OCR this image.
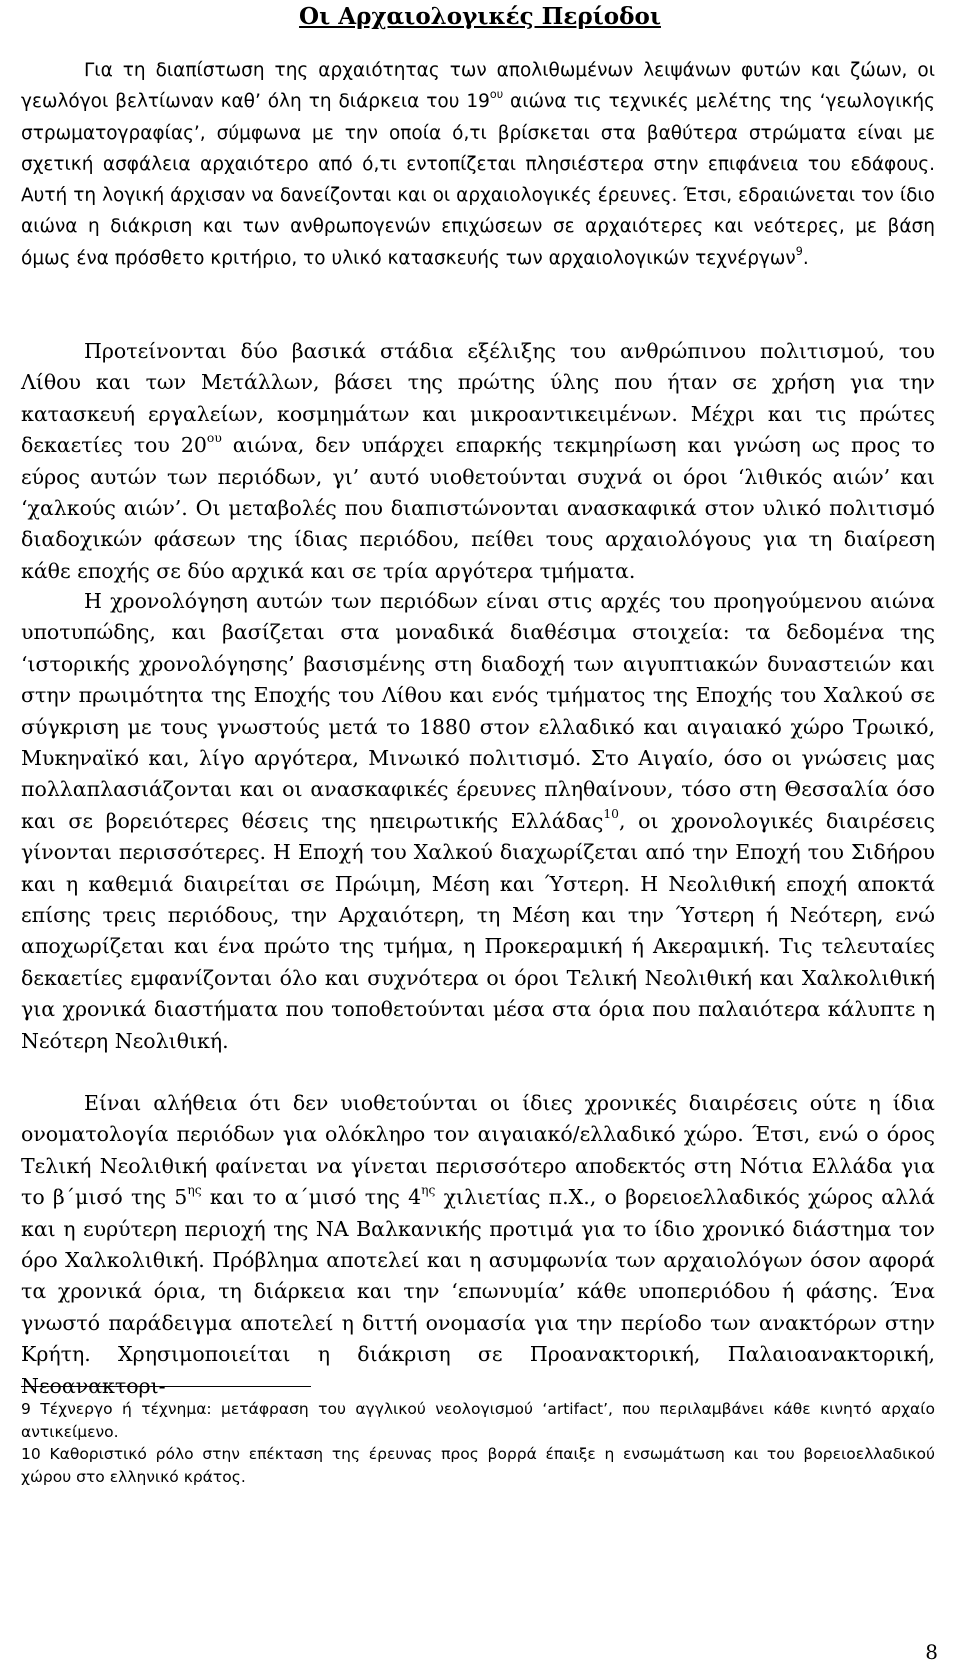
Οι Αρχαιολογικές Περίοδοι

Για τη διαπίστωση της αρχαιότητας των απολιθωμένων λειψάνων φυτών και ζώων, οι γεωλόγοι βελτίωναν καθ’ όλη τη διάρκεια του $19^{o\upsilon}$ αιώνα τις τεχνικές μελέτης της ‘γεωλογικής στρωματογραφίας’, σύμφωνα με την οποία ό,τι βρίσκεται στα βαθύτερα στρώματα είναι με σχετική ασφάλεια αρχαιότερο από ό,τι εντοπίζεται πλησιέστερα στην επιφάνεια του εδάφους. Αυτή τη λογική άρχισαν να δανείζονται και οι αρχαιολογικές έρευνες. Έτσι, εδραιώνεται τον ίδιο αιώνα η διάκριση και των ανθρωπογενών επιχώσεων σε αρχαιότερες και νεότερες, με βάση όμως ένα πρόσθετο κριτήριο, το υλικό κατασκευής των αρχαιολογικών τεχνέργων$^9$.

Προτείνονται δύο βασικά στάδια εξέλιξης του ανθρώπινου πολιτισμού, του Λίθου και των Μετάλλων, βάσει της πρώτης ύλης που ήταν σε χρήση για την κατασκευή εργαλείων, κοσμημάτων και μικροαντικειμένων. Μέχρι και τις πρώτες δεκαετίες του $20^{o\upsilon}$ αιώνα, δεν υπάρχει επαρκής τεκμηρίωση και γνώση ως προς το εύρος αυτών των περιόδων, γι’ αυτό υιοθετούνται συχνά οι όροι ‘λιθικός αιών’ και ‘χαλκούς αιών’. Οι μεταβολές που διαπιστώνονται ανασκαφικά στον υλικό πολιτισμό διαδοχικών φάσεων της ίδιας περιόδου, πείθει τους αρχαιολόγους για τη διαίρεση κάθε εποχής σε δύο αρχικά και σε τρία αργότερα τμήματα.

Η χρονολόγηση αυτών των περιόδων είναι στις αρχές του προηγούμενου αιώνα υποτυπώδης, και βασίζεται στα μοναδικά διαθέσιμα στοιχεία: τα δεδομένα της ‘ιστορικής χρονολόγησης’ βασισμένης στη διαδοχή των αιγυπτιακών δυναστειών και στην πρωιμότητα της Εποχής του Λίθου και ενός τμήματος της Εποχής του Χαλκού σε σύγκριση με τους γνωστούς μετά το 1880 στον ελλαδικό και αιγαιακό χώρο Τρωικό, Μυκηναϊκό και, λίγο αργότερα, Μινωικό πολιτισμό. Στο Αιγαίο, όσο οι γνώσεις μας πολλαπλασιάζονται και οι ανασκαφικές έρευνες πληθαίνουν, τόσο στη Θεσσαλία όσο και σε βορειότερες θέσεις της ηπειρωτικής Ελλάδας$^{10}$, οι χρονολογικές διαιρέσεις γίνονται περισσότερες. Η Εποχή του Χαλκού διαχωρίζεται από την Εποχή του Σιδήρου και η καθεμιά διαιρείται σε Πρώιμη, Μέση και Ύστερη. Η Νεολιθική εποχή αποκτά επίσης τρεις περιόδους, την Αρχαιότερη, τη Μέση και την Ύστερη ή Νεότερη, ενώ αποχωρίζεται και ένα πρώτο της τμήμα, η Προκεραμική ή Ακεραμική. Τις τελευταίες δεκαετίες εμφανίζονται όλο και συχνότερα οι όροι Τελική Νεολιθική και Χαλκολιθική για χρονικά διαστήματα που τοποθετούνται μέσα στα όρια που παλαιότερα κάλυπτε η Νεότερη Νεολιθική.

Είναι αλήθεια ότι δεν υιοθετούνται οι ίδιες χρονικές διαιρέσεις ούτε η ίδια ονοματολογία περιόδων για ολόκληρο τον αιγαιακό/ελλαδικό χώρο. Έτσι, ενώ ο όρος Τελική Νεολιθική φαίνεται να γίνεται περισσότερο αποδεκτός στη Νότια Ελλάδα για το β΄μισό της $5^{\eta\varsigma}$ και το α΄μισό της $4^{\eta\varsigma}$ χιλιετίας π.Χ., ο βορειοελλαδικός χώρος αλλά και η ευρύτερη περιοχή της ΝΑ Βαλκανικής προτιμά για το ίδιο χρονικό διάστημα τον όρο Χαλκολιθική. Πρόβλημα αποτελεί και η ασυμφωνία των αρχαιολόγων όσον αφορά τα χρονικά όρια, τη διάρκεια και την ‘επωνυμία’ κάθε υποπεριόδου ή φάσης. Ένα γνωστό παράδειγμα αποτελεί η διττή ονομασία για την περίοδο των ανακτόρων στην Κρήτη. Χρησιμοποιείται η διάκριση σε Προανακτορική, Παλαιοανακτορική, Νεοανακτορι-

9 Τέχνεργο ή τέχνημα: μετάφραση του αγγλικού νεολογισμού ‘artifact’, που περιλαμβάνει κάθε κινητό αρχαίο αντικείμενο.

10 Καθοριστικό ρόλο στην επέκταση της έρευνας προς βορρά έπαιξε η ενσωμάτωση και του βορειοελλαδικού χώρου στο ελληνικό κράτος.

8
